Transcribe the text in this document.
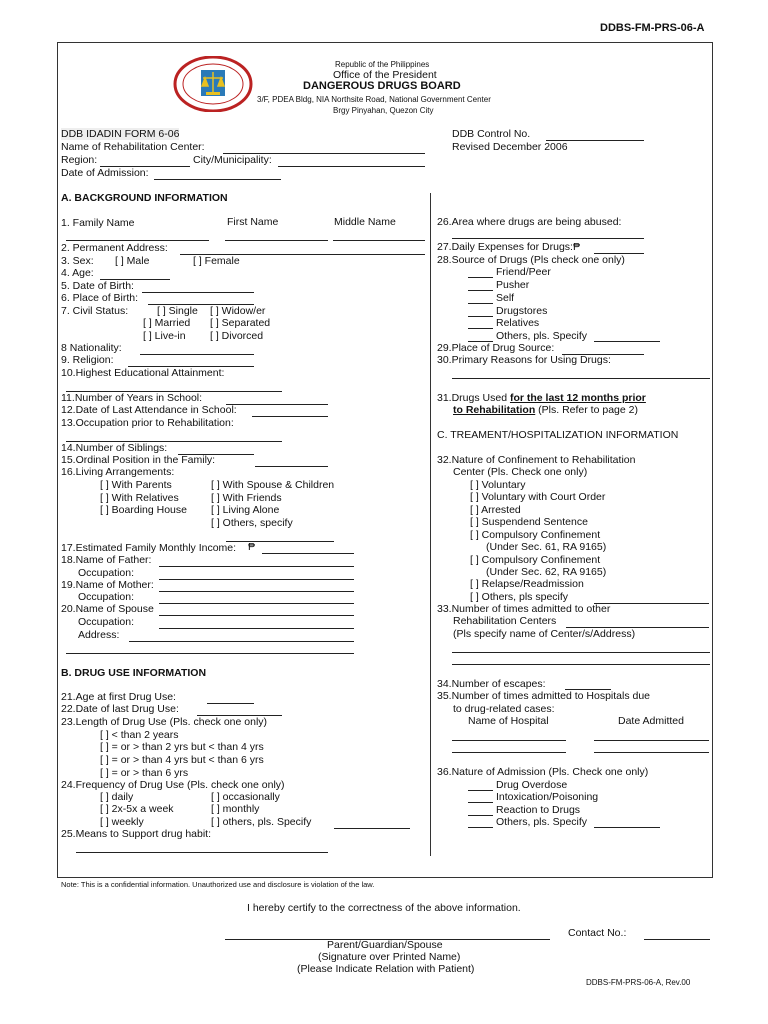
DDBS-FM-PRS-06-A
Republic of the Philippines
Office of the President
DANGEROUS DRUGS BOARD
3/F, PDEA Bldg, NIA Northsite Road, National Government Center
Brgy Pinyahan, Quezon City
DDB IDADIN FORM 6-06
Name of Rehabilitation Center:
Region:	City/Municipality:
Date of Admission:
DDB Control No.
Revised December 2006
A. BACKGROUND INFORMATION
1. Family Name	First Name	Middle Name
2. Permanent Address:
3. Sex: [ ] Male	[ ] Female
4. Age:
5. Date of Birth:
6. Place of Birth:
7. Civil Status:	[ ] Single [ ] Widow/er
[ ] Married [ ] Separated
[ ] Live-in [ ] Divorced
8 Nationality:
9. Religion:
10.Highest Educational Attainment:
11.Number of Years in School:
12.Date of Last Attendance in School:
13.Occupation prior to Rehabilitation:
14.Number of Siblings:
15.Ordinal Position in the Family:
16.Living Arrangements:
[ ] With Parents	[ ] With Spouse & Children
[ ] With Relatives	[ ] With Friends
[ ] Boarding House [ ] Living Alone
[ ] Others, specify
17.Estimated Family Monthly Income: ₱
18.Name of Father:
Occupation:
19.Name of Mother:
Occupation:
20.Name of Spouse
Occupation:
Address:
B. DRUG USE INFORMATION
21.Age at first Drug Use:
22.Date of last Drug Use:
23.Length of Drug Use (Pls. check one only)
[ ] < than 2 years
[ ] = or > than 2 yrs but < than 4 yrs
[ ] = or > than 4 yrs but < than 6 yrs
[ ] = or > than 6 yrs
24.Frequency of Drug Use (Pls. check one only)
[ ] daily	[ ] occasionally
[ ] 2x-5x a week	[ ] monthly
[ ] weekly	[ ] others, pls. Specify
25.Means to Support drug habit:
26.Area where drugs are being abused:
27.Daily Expenses for Drugs:₱
28.Source of Drugs (Pls check one only)
Friend/Peer
Pusher
Self
Drugstores
Relatives
Others, pls. Specify
29.Place of Drug Source:
30.Primary Reasons for Using Drugs:
31.Drugs Used for the last 12 months prior
to Rehabilitation (Pls. Refer to page 2)
C. TREAMENT/HOSPITALIZATION INFORMATION
32.Nature of Confinement to Rehabilitation
Center (Pls. Check one only)
[ ] Voluntary
[ ] Voluntary with Court Order
[ ] Arrested
[ ] Suspendend Sentence
[ ] Compulsory Confinement
(Under Sec. 61, RA 9165)
[ ] Compulsory Confinement
(Under Sec. 62, RA 9165)
[ ] Relapse/Readmission
[ ] Others, pls specify
33.Number of times admitted to other
Rehabilitation Centers
(Pls specify name of Center/s/Address)
34.Number of escapes:
35.Number of times admitted to Hospitals due
to drug-related cases:
Name of Hospital	Date Admitted
36.Nature of Admission (Pls. Check one only)
Drug Overdose
Intoxication/Poisoning
Reaction to Drugs
Others, pls. Specify
Note: This is a confidential information. Unauthorized use and disclosure is violation of the law.
I hereby certify to the correctness of the above information.
Contact No.:
Parent/Guardian/Spouse
(Signature over Printed Name)
(Please Indicate Relation with Patient)
DDBS-FM-PRS-06-A, Rev.00
